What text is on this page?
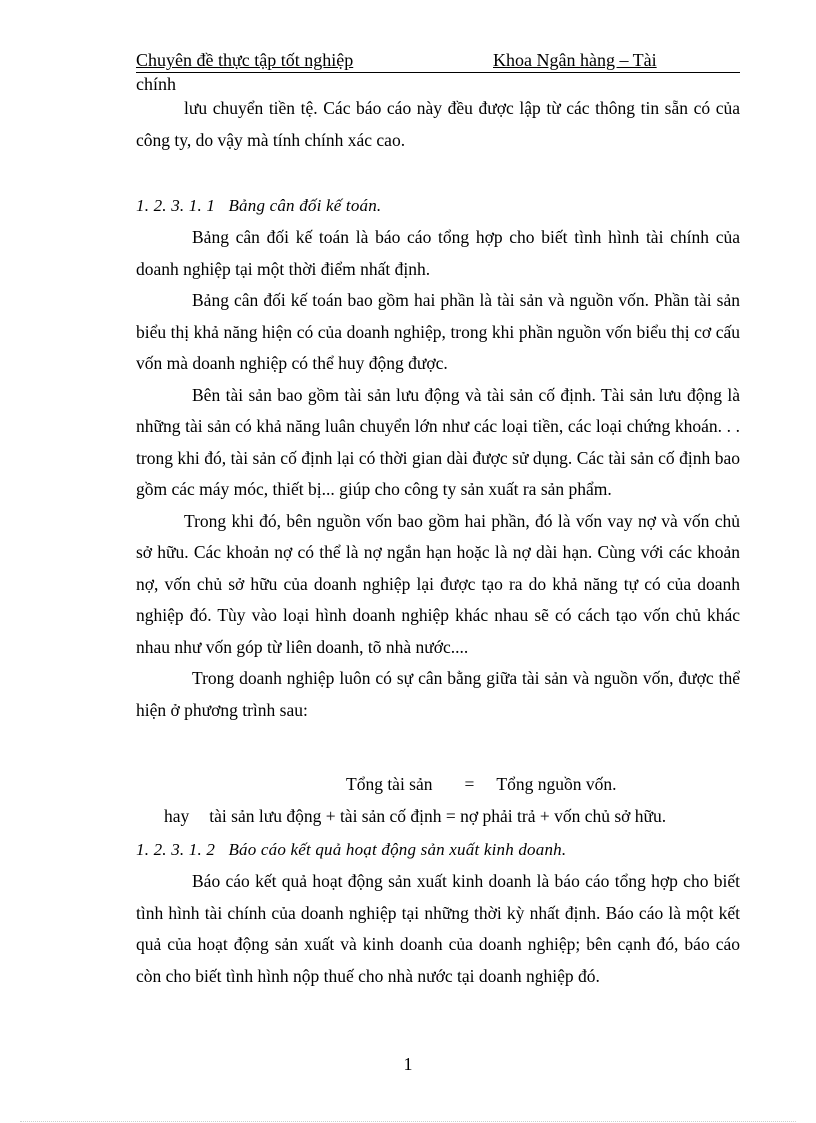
Chuyên đề thực tập tốt nghiệp	Khoa Ngân hàng – Tài
chính

lưu chuyển tiền tệ. Các báo cáo này đều được lập từ các thông tin sẵn có của công ty, do vậy mà tính chính xác cao.

1. 2. 3. 1. 1 Bảng cân đối kế toán.

Bảng cân đối kế toán là báo cáo tổng hợp cho biết tình hình tài chính của doanh nghiệp tại một thời điểm nhất định.

Bảng cân đối kế toán bao gồm hai phần là tài sản và nguồn vốn. Phần tài sản biểu thị khả năng hiện có của doanh nghiệp, trong khi phần nguồn vốn biểu thị cơ cấu vốn mà doanh nghiệp có thể huy động được.

Bên tài sản bao gồm tài sản lưu động và tài sản cố định. Tài sản lưu động là những tài sản có khả năng luân chuyển lớn như các loại tiền, các loại chứng khoán. . . trong khi đó, tài sản cố định lại có thời gian dài được sử dụng. Các tài sản cố định bao gồm các máy móc, thiết bị... giúp cho công ty sản xuất ra sản phẩm.

Trong khi đó, bên nguồn vốn bao gồm hai phần, đó là vốn vay nợ và vốn chủ sở hữu. Các khoản nợ có thể là nợ ngắn hạn hoặc là nợ dài hạn. Cùng với các khoản nợ, vốn chủ sở hữu của doanh nghiệp lại được tạo ra do khả năng tự có của doanh nghiệp đó. Tùy vào loại hình doanh nghiệp khác nhau sẽ có cách tạo vốn chủ khác nhau như vốn góp từ liên doanh, tõ nhà nước....

Trong doanh nghiệp luôn có sự cân bằng giữa tài sản và nguồn vốn, được thể hiện ở phương trình sau:

Tổng tài sản = Tổng nguồn vốn.
hay tài sản lưu động + tài sản cố định = nợ phải trả + vốn chủ sở hữu.
1. 2. 3. 1. 2 Báo cáo kết quả hoạt động sản xuất kinh doanh.

Báo cáo kết quả hoạt động sản xuất kinh doanh là báo cáo tổng hợp cho biết tình hình tài chính của doanh nghiệp tại những thời kỳ nhất định. Báo cáo là một kết quả của hoạt động sản xuất và kinh doanh của doanh nghiệp; bên cạnh đó, báo cáo còn cho biết tình hình nộp thuế cho nhà nước tại doanh nghiệp đó.

1
